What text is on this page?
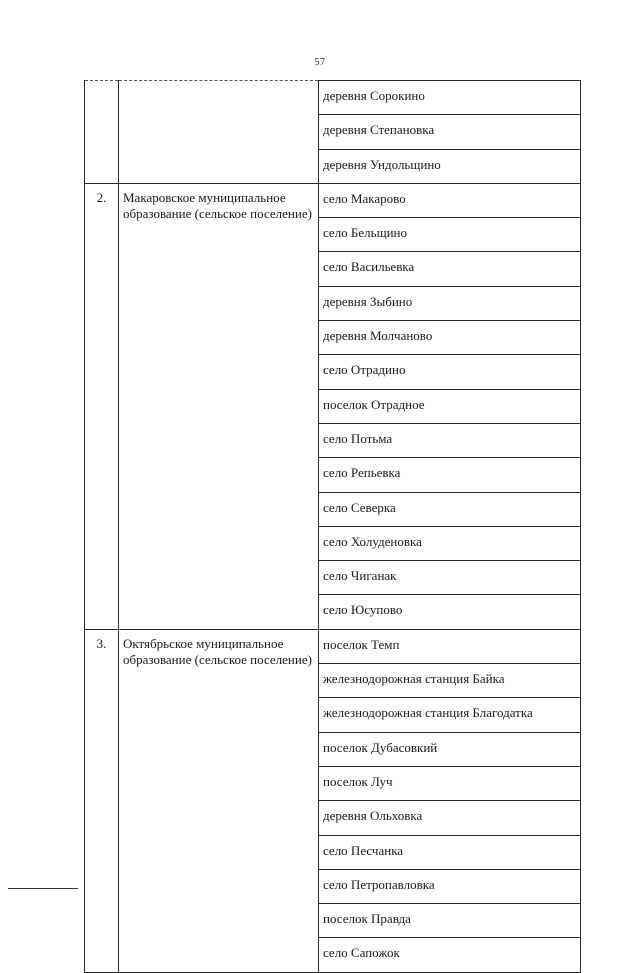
57
		деревня Сорокино
		деревня Степановка
		деревня Ундольщино
2.	Макаровское муниципальное образование (сельское поселение)	село Макарово
		село Бельщино
		село Васильевка
		деревня Зыбино
		деревня Молчаново
		село Отрадино
		поселок Отрадное
		село Потьма
		село Репьевка
		село Северка
		село Холуденовка
		село Чиганак
		село Юсупово
3.	Октябрьское муниципальное образование (сельское поселение)	поселок Темп
		железнодорожная станция Байка
		железнодорожная станция Благодатка
		поселок Дубасовкий
		поселок Луч
		деревня Ольховка
		село Песчанка
		село Петропавловка
		поселок Правда
		село Сапожок
